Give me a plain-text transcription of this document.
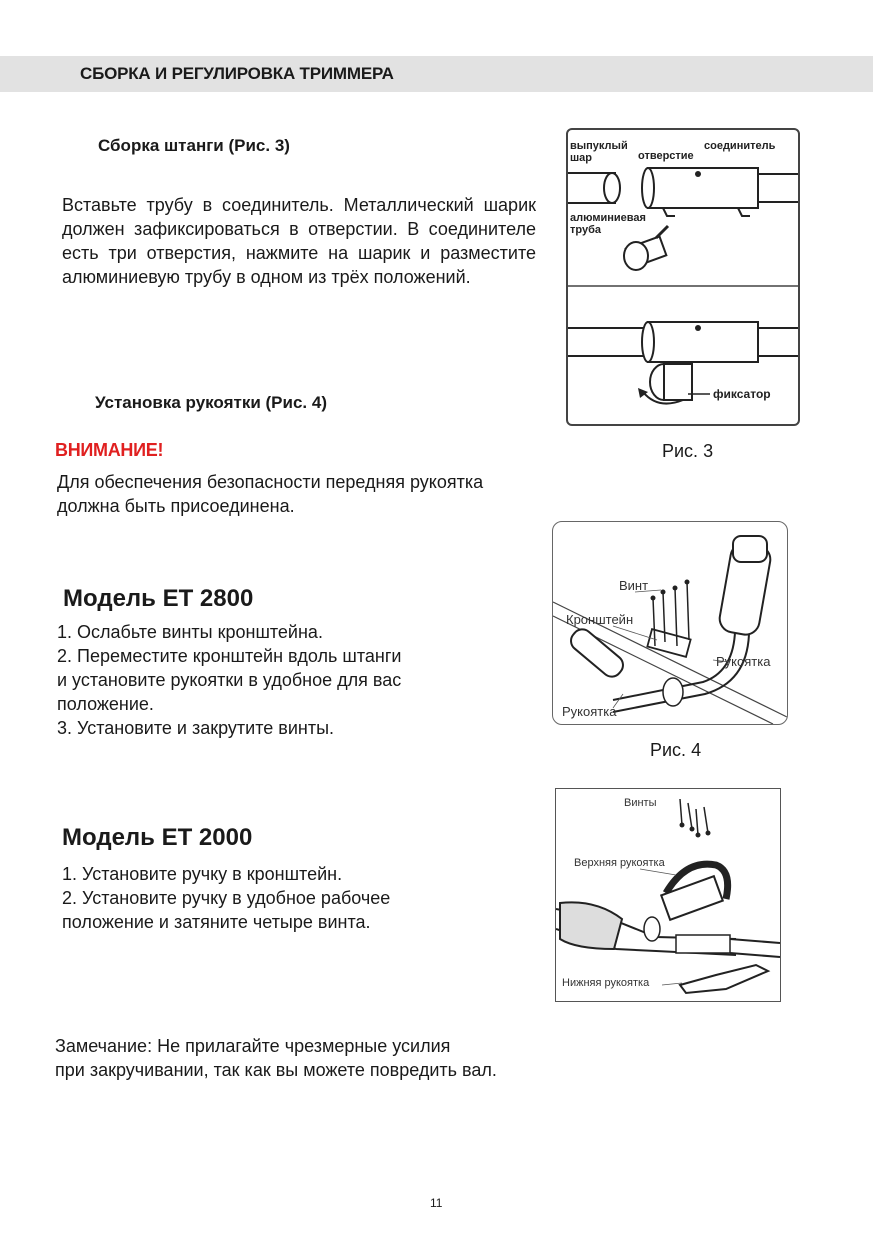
СБОРКА И РЕГУЛИРОВКА ТРИММЕРА
Сборка штанги (Рис. 3)
Вставьте трубу в соединитель. Металлический шарик должен зафиксироваться в отверстии. В соединителе есть три отверстия, нажмите на шарик и разместите алюминиевую трубу в одном из трёх положений.
Установка рукоятки (Рис. 4)
ВНИМАНИЕ!
Для обеспечения безопасности передняя рукоятка
должна быть присоединена.
Модель ET 2800
1. Ослабьте винты кронштейна.
2. Переместите кронштейн вдоль штанги
и установите рукоятки в удобное для вас
положение.
3. Установите и закрутите винты.
Модель ET 2000
1. Установите ручку в кронштейн.
2. Установите ручку в удобное рабочее
положение и затяните четыре винта.
Замечание: Не прилагайте чрезмерные усилия
при закручивании, так как вы можете повредить вал.
выпуклый
шар	отверстие
соединитель
алюминиевая
труба
фиксатор
Рис. 3
Винт
Кронштейн
Рукоятка
Рукоятка
Рис. 4
Винты
Верхняя рукоятка
Нижняя рукоятка
11
